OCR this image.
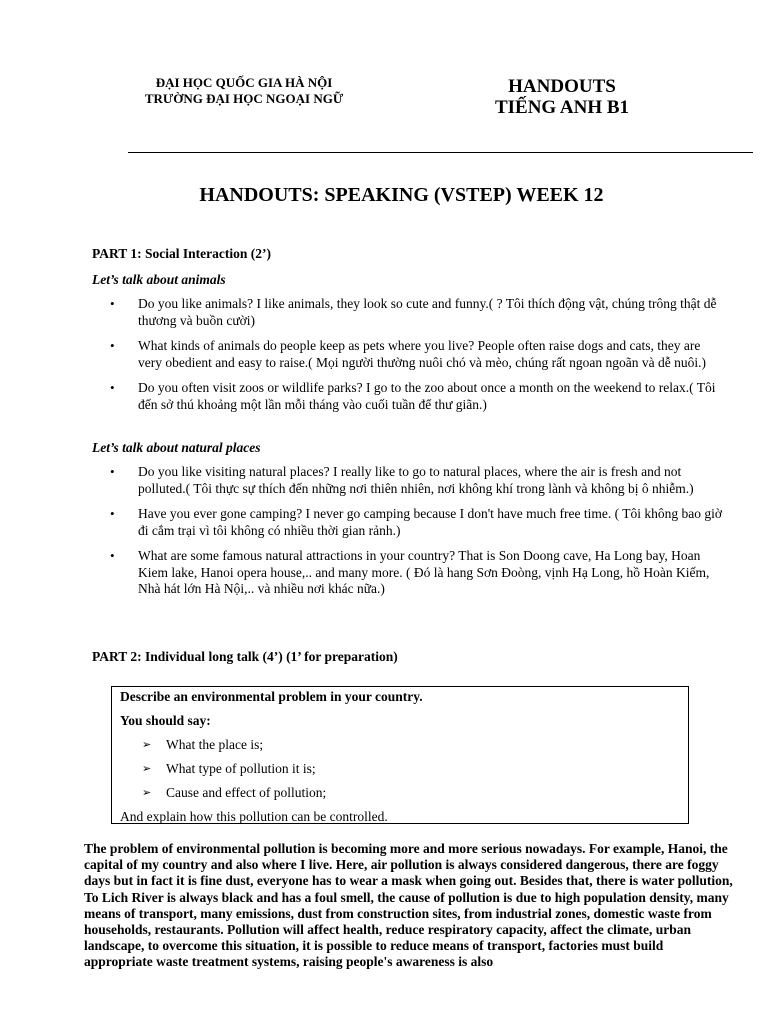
ĐẠI HỌC QUỐC GIA HÀ NỘI
TRƯỜNG ĐẠI HỌC NGOẠI NGỮ
HANDOUTS
TIẾNG ANH B1
HANDOUTS: SPEAKING (VSTEP) WEEK 12
PART 1: Social Interaction (2’)
Let’s talk about animals
• Do you like animals? I like animals, they look so cute and funny.( ? Tôi thích động vật, chúng trông thật dễ thương và buồn cười)
• What kinds of animals do people keep as pets where you live? People often raise dogs and cats, they are very obedient and easy to raise.( Mọi người thường nuôi chó và mèo, chúng rất ngoan ngoãn và dễ nuôi.)
• Do you often visit zoos or wildlife parks? I go to the zoo about once a month on the weekend to relax.( Tôi đến sở thú khoảng một lần mỗi tháng vào cuối tuần để thư giãn.)
Let’s talk about natural places
• Do you like visiting natural places? I really like to go to natural places, where the air is fresh and not polluted.( Tôi thực sự thích đến những nơi thiên nhiên, nơi không khí trong lành và không bị ô nhiễm.)
• Have you ever gone camping? I never go camping because I don't have much free time. ( Tôi không bao giờ đi cắm trại vì tôi không có nhiều thời gian rảnh.)
• What are some famous natural attractions in your country? That is Son Doong cave, Ha Long bay, Hoan Kiem lake, Hanoi opera house,.. and many more. ( Đó là hang Sơn Đoòng, vịnh Hạ Long, hồ Hoàn Kiếm, Nhà hát lớn Hà Nội,.. và nhiều nơi khác nữa.)
PART 2: Individual long talk (4’) (1’ for preparation)
Describe an environmental problem in your country.
You should say:
➢ What the place is;
➢ What type of pollution it is;
➢ Cause and effect of pollution;
And explain how this pollution can be controlled.

The problem of environmental pollution is becoming more and more serious nowadays. For example, Hanoi, the capital of my country and also where I live. Here, air pollution is always considered dangerous, there are foggy days but in fact it is fine dust, everyone has to wear a mask when going out. Besides that, there is water pollution, To Lich River is always black and has a foul smell, the cause of pollution is due to high population density, many means of transport, many emissions, dust from construction sites, from industrial zones, domestic waste from households, restaurants. Pollution will affect health, reduce respiratory capacity, affect the climate, urban landscape, to overcome this situation, it is possible to reduce means of transport, factories must build appropriate waste treatment systems, raising people's awareness is also
